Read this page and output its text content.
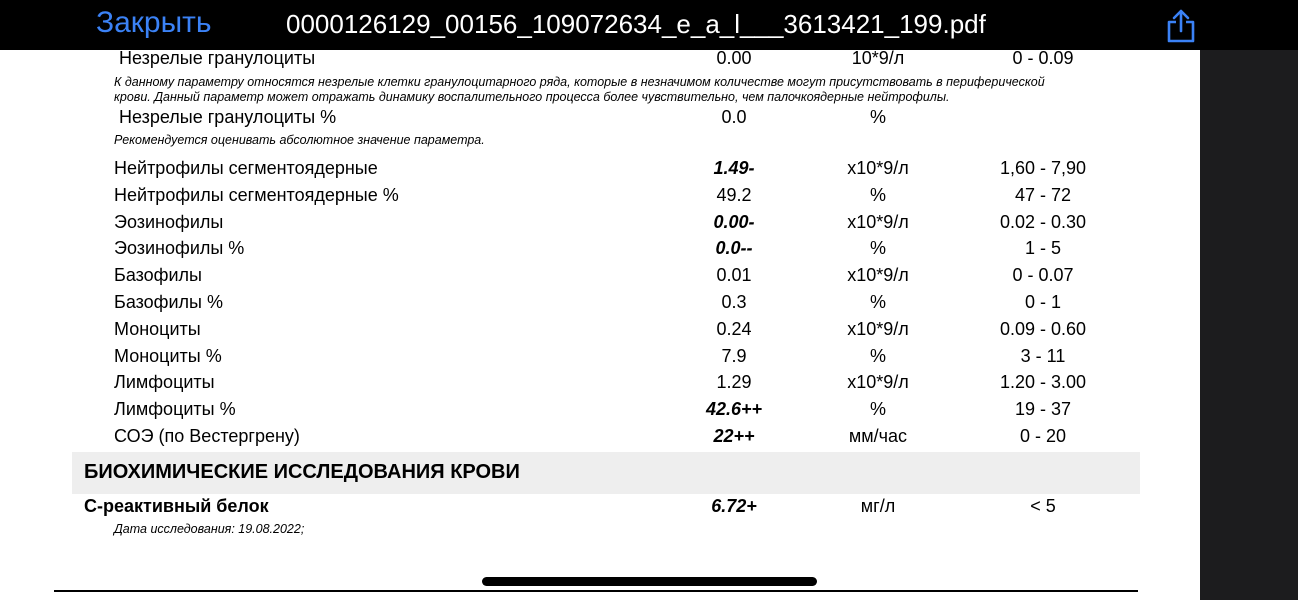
Закрыть	0000126129_00156_109072634_e_a_l___3613421_199.pdf
Незрелые гранулоциты	0.00	10*9/л	0 - 0.09
К данному параметру относятся незрелые клетки гранулоцитарного ряда, которые в незначимом количестве могут присутствовать в периферической
крови. Данный параметр может отражать динамику воспалительного процесса более чувствительно, чем палочкоядерные нейтрофилы.
Незрелые гранулоциты %	0.0	%
Рекомендуется оценивать абсолютное значение параметра.
Нейтрофилы сегментоядерные	1.49-	x10*9/л	1,60 - 7,90
Нейтрофилы сегментоядерные %	49.2	%	47 - 72
Эозинофилы	0.00-	x10*9/л	0.02 - 0.30
Эозинофилы %	0.0--	%	1 - 5
Базофилы	0.01	x10*9/л	0 - 0.07
Базофилы %	0.3	%	0 - 1
Моноциты	0.24	x10*9/л	0.09 - 0.60
Моноциты %	7.9	%	3 - 11
Лимфоциты	1.29	x10*9/л	1.20 - 3.00
Лимфоциты %	42.6++	%	19 - 37
СОЭ (по Вестергрену)	22++	мм/час	0 - 20
БИОХИМИЧЕСКИЕ ИССЛЕДОВАНИЯ КРОВИ
С-реактивный белок	6.72+	мг/л	< 5
Дата исследования: 19.08.2022;
